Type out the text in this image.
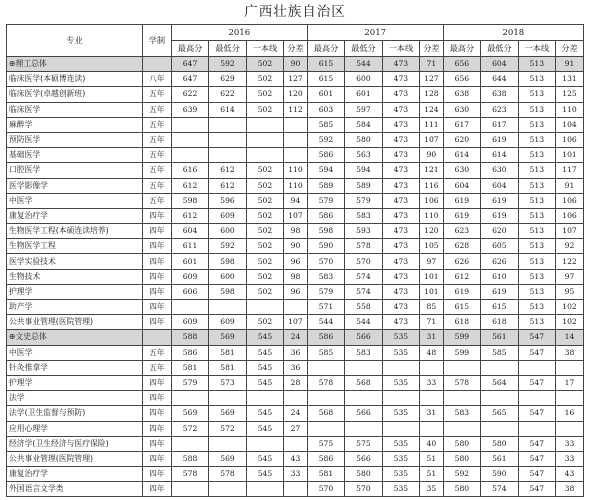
广西壮族自治区
专业	学制	2016				2017				2018			
		最高分	最低分	一本线	分差	最高分	最低分	一本线	分差	最高分	最低分	一本线	分差
⊕理工总体		647	592	502	90	615	544	473	71	656	604	513	91
临床医学(本硕博连读)	八年	647	629	502	127	615	600	473	127	656	644	513	131
临床医学(卓越创新班)	五年	622	622	502	120	601	601	473	128	638	638	513	125
临床医学	五年	639	614	502	112	603	597	473	124	630	623	513	110
麻醉学	五年					585	584	473	111	617	617	513	104
预防医学	五年					592	580	473	107	620	619	513	106
基础医学	五年					586	563	473	90	614	614	513	101
口腔医学	五年	616	612	502	110	594	594	473	121	630	630	513	117
医学影像学	五年	612	612	502	110	589	589	473	116	604	604	513	91
中医学	五年	598	596	502	94	579	579	473	106	619	619	513	106
康复治疗学	四年	612	609	502	107	586	583	473	110	619	619	513	106
生物医学工程(本硕连读培养)	四年	604	600	502	98	598	593	473	120	623	620	513	107
生物医学工程	四年	611	592	502	90	590	578	473	105	628	605	513	92
医学实验技术	四年	601	598	502	96	570	570	473	97	626	626	513	122
生物技术	四年	609	600	502	98	583	574	473	101	612	610	513	97
护理学	四年	606	598	502	96	579	574	473	101	619	619	513	95
助产学	四年					571	558	473	85	615	615	513	102
公共事业管理(医院管理)	四年	609	609	502	107	544	544	473	71	618	618	513	102
⊕文史总体		588	569	545	24	586	566	535	31	599	561	547	14
中医学	五年	586	581	545	36	585	583	535	48	599	585	547	38
针灸推拿学	五年	581	581	545	36								
护理学	四年	579	573	545	28	578	568	535	33	578	564	547	17
法学	四年												
法学(卫生监督与预防)	四年	569	569	545	24	568	566	535	31	583	565	547	16
应用心理学	四年	572	572	545	27								
经济学(卫生经济与医疗保险)	四年					575	575	535	40	580	580	547	33
公共事业管理(医院管理)	四年	588	569	545	43	586	566	535	51	580	561	547	33
康复治疗学	四年	578	578	545	33	581	580	535	51	592	590	547	43
外国语言文学类	四年					570	570	535	35	580	574	547	38
